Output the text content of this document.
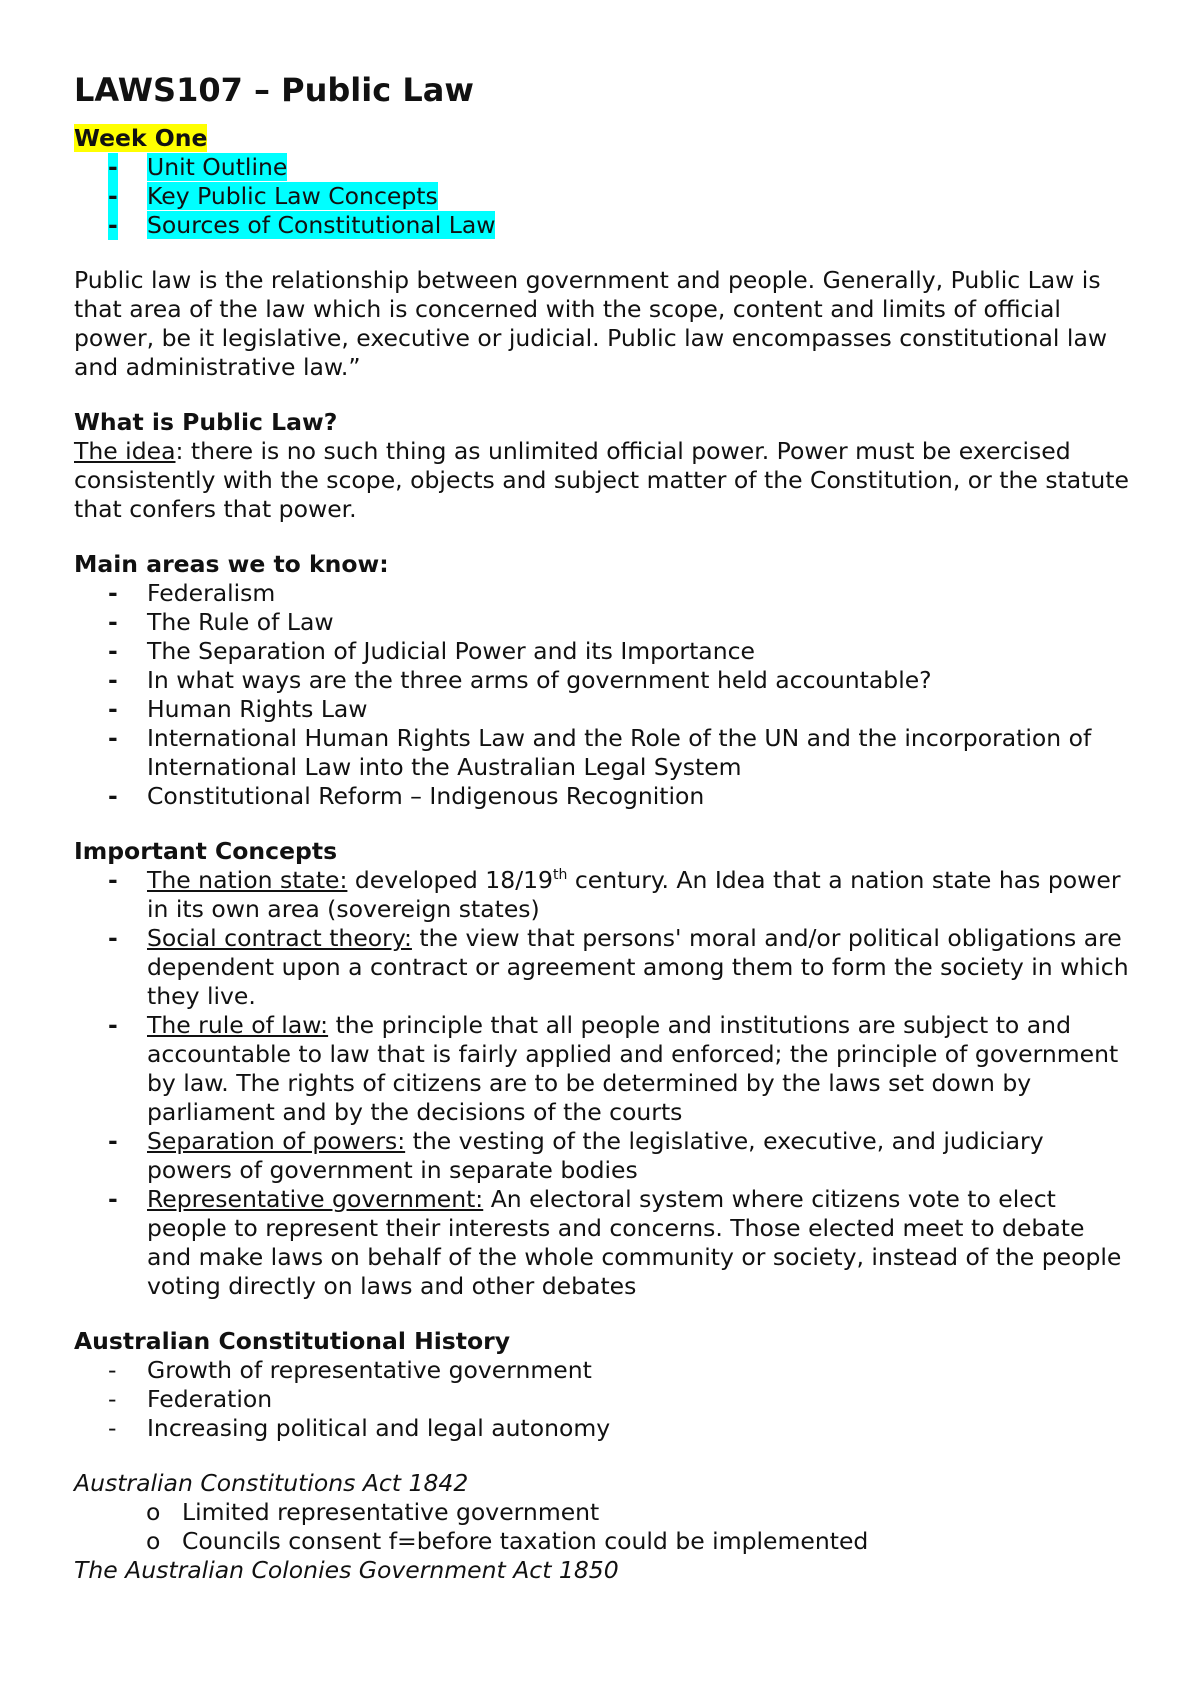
LAWS107 – Public Law
Week One
- Unit Outline
- Key Public Law Concepts
- Sources of Constitutional Law

Public law is the relationship between government and people. Generally, Public Law is that area of the law which is concerned with the scope, content and limits of official power, be it legislative, executive or judicial. Public law encompasses constitutional law and administrative law.”

What is Public Law?

The idea: there is no such thing as unlimited official power. Power must be exercised consistently with the scope, objects and subject matter of the Constitution, or the statute that confers that power.

Main areas we to know:

- Federalism
- The Rule of Law
- The Separation of Judicial Power and its Importance
- In what ways are the three arms of government held accountable?
- Human Rights Law
- International Human Rights Law and the Role of the UN and the incorporation of International Law into the Australian Legal System
- Constitutional Reform – Indigenous Recognition

Important Concepts

- The nation state: developed 18/19th century. An Idea that a nation state has power in its own area (sovereign states)
- Social contract theory: the view that persons' moral and/or political obligations are dependent upon a contract or agreement among them to form the society in which they live.
- The rule of law: the principle that all people and institutions are subject to and accountable to law that is fairly applied and enforced; the principle of government by law. The rights of citizens are to be determined by the laws set down by parliament and by the decisions of the courts
- Separation of powers: the vesting of the legislative, executive, and judiciary powers of government in separate bodies
- Representative government: An electoral system where citizens vote to elect people to represent their interests and concerns. Those elected meet to debate and make laws on behalf of the whole community or society, instead of the people voting directly on laws and other debates

Australian Constitutional History

- Growth of representative government
- Federation
- Increasing political and legal autonomy

Australian Constitutions Act 1842

o Limited representative government
o Councils consent f=before taxation could be implemented

The Australian Colonies Government Act 1850
